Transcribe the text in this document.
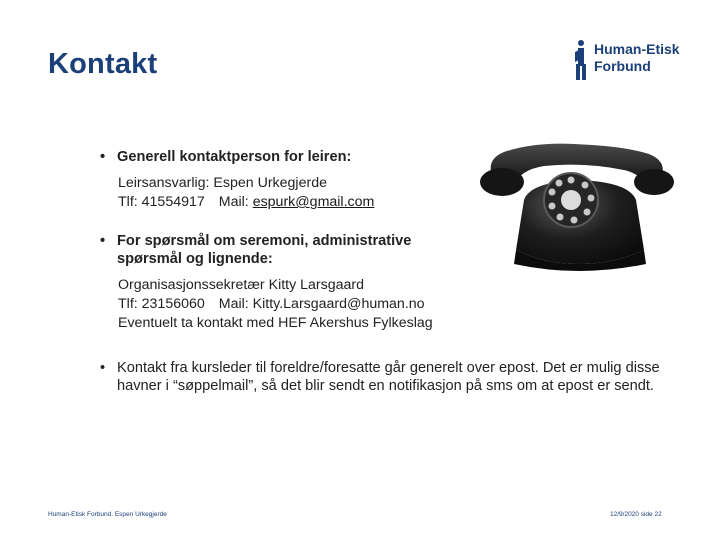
Kontakt	Human-Etisk
Forbund
• Generell kontaktperson for leiren:
Leirsansvarlig: Espen Urkegjerde
Tlf: 41554917 Mail: espurk@gmail.com
• For spørsmål om seremoni, administrative spørsmål og lignende:
Organisasjonssekretær Kitty Larsgaard
Tlf: 23156060 Mail: Kitty.Larsgaard@human.no
Eventuelt ta kontakt med HEF Akershus Fylkeslag
• Kontakt fra kursleder til foreldre/foresatte går generelt over epost. Det er mulig disse havner i “søppelmail”, så det blir sendt en notifikasjon på sms om at epost er sendt.
Human-Etisk Forbund. Espen Urkegjerde	12/9/2020 side 22
